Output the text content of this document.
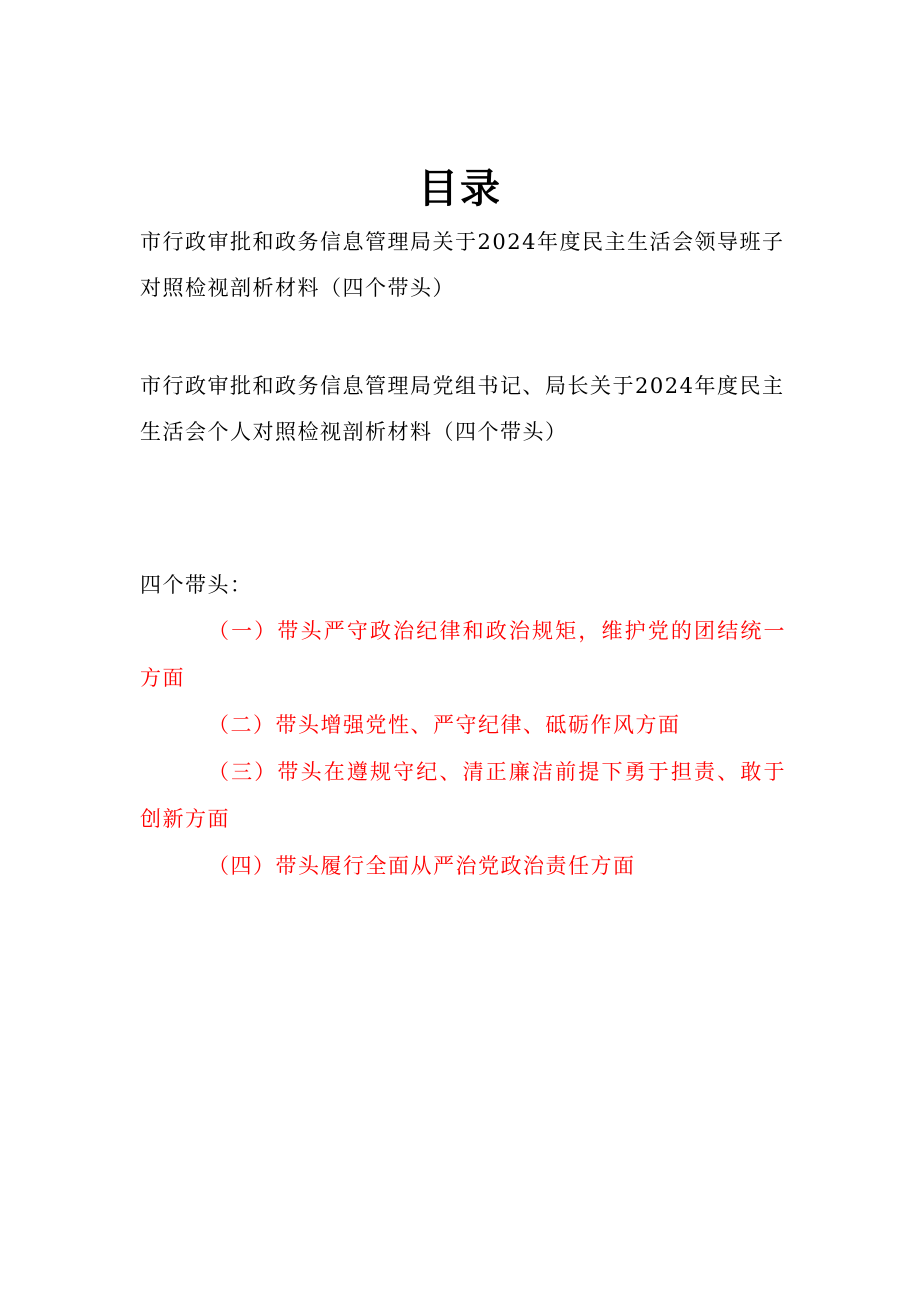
目录

市行政审批和政务信息管理局关于2024年度民主生活会领导班子对照检视剖析材料（四个带头）

市行政审批和政务信息管理局党组书记、局长关于2024年度民主生活会个人对照检视剖析材料（四个带头）

四个带头：

（一）带头严守政治纪律和政治规矩，维护党的团结统一方面
（二）带头增强党性、严守纪律、砥砺作风方面
（三）带头在遵规守纪、清正廉洁前提下勇于担责、敢于创新方面
（四）带头履行全面从严治党政治责任方面
